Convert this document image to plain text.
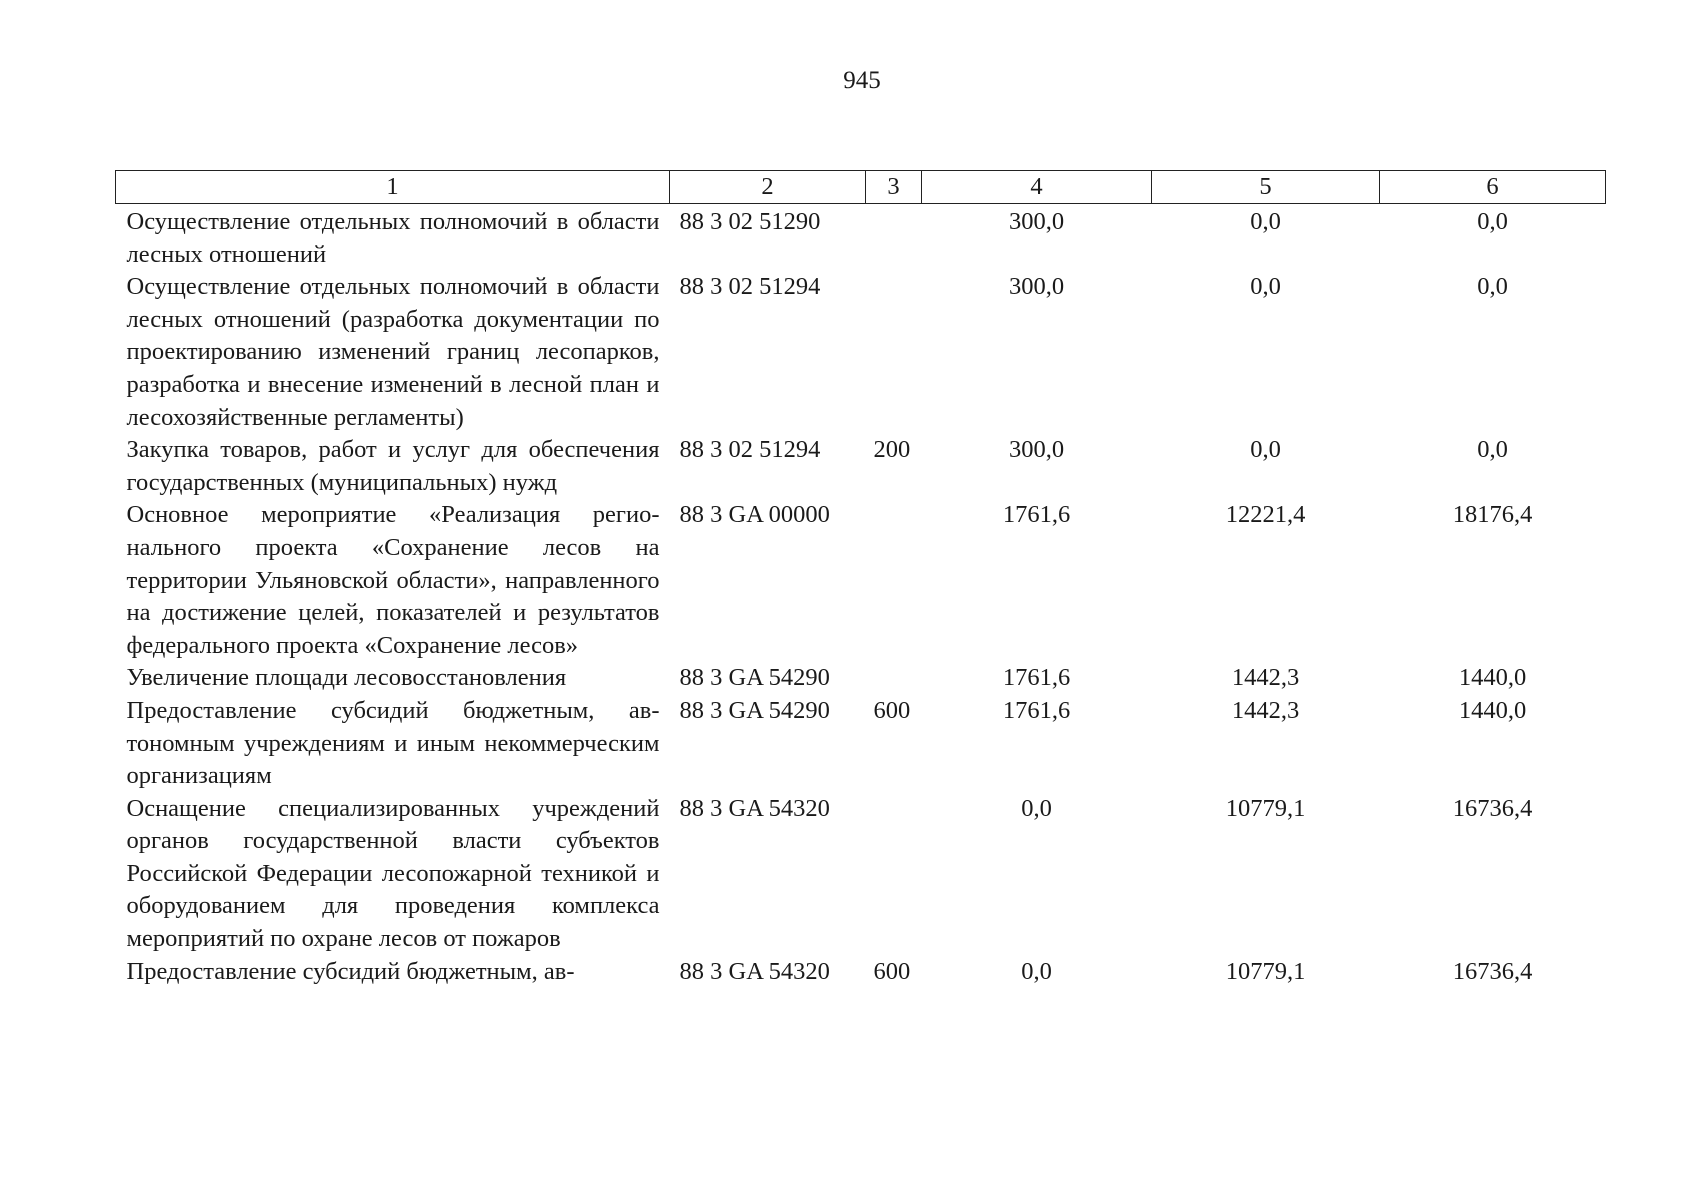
945
1	2	3	4	5	6
Осуществление отдельных полномочий в области лесных отношений	88 3 02 51290		300,0	0,0	0,0
Осуществление отдельных полномочий в области лесных отношений (разработка документации по проектированию изменений границ лесопарков, разработка и внесение изменений в лесной план и лесохозяйственные регламенты)	88 3 02 51294		300,0	0,0	0,0
Закупка товаров, работ и услуг для обеспечения государственных (муниципальных) нужд	88 3 02 51294	200	300,0	0,0	0,0
Основное мероприятие «Реализация регионального проекта «Сохранение лесов на территории Ульяновской области», направленного на достижение целей, показателей и результатов федерального проекта «Сохранение лесов»	88 3 GA 00000		1761,6	12221,4	18176,4
Увеличение площади лесовосстановления	88 3 GA 54290		1761,6	1442,3	1440,0
Предоставление субсидий бюджетным, автономным учреждениям и иным некоммерческим организациям	88 3 GA 54290	600	1761,6	1442,3	1440,0
Оснащение специализированных учреждений органов государственной власти субъектов Российской Федерации лесопожарной техникой и оборудованием для проведения комплекса мероприятий по охране лесов от пожаров	88 3 GA 54320		0,0	10779,1	16736,4
Предоставление субсидий бюджетным, ав-	88 3 GA 54320	600	0,0	10779,1	16736,4
